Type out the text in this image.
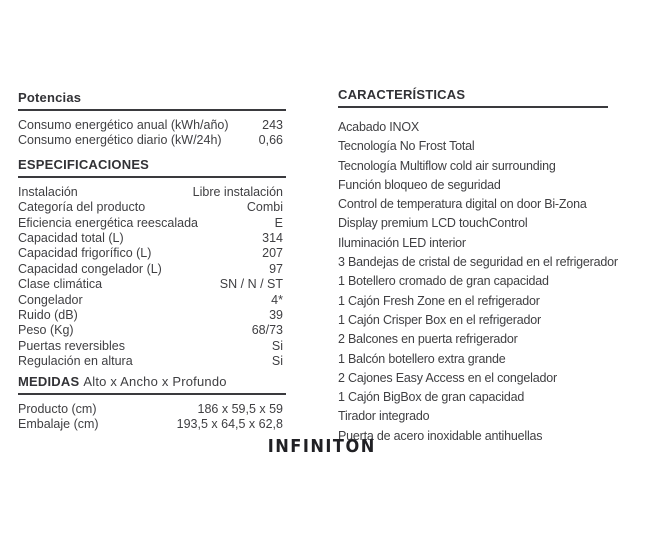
Potencias
Consumo energético anual (kWh/año)	243
Consumo energético diario (kW/24h)	0,66
ESPECIFICACIONES
Instalación	Libre instalación
Categoría del producto	Combi
Eficiencia energética reescalada	E
Capacidad total (L)	314
Capacidad frigorífico (L)	207
Capacidad congelador (L)	97
Clase climática	SN / N / ST
Congelador	4*
Ruido (dB)	39
Peso (Kg)	68/73
Puertas reversibles	Si
Regulación en altura	Si
MEDIDAS Alto x Ancho x Profundo
Producto (cm)	186 x 59,5 x 59
Embalaje (cm)	193,5 x 64,5 x 62,8
CARACTERÍSTICAS
Acabado INOX
Tecnología No Frost Total
Tecnología Multiflow cold air surrounding
Función bloqueo de seguridad
Control de temperatura digital on door Bi-Zona
Display premium LCD touchControl
Iluminación LED interior
3 Bandejas de cristal de seguridad en el refrigerador
1 Botellero cromado de gran capacidad
1 Cajón Fresh Zone en el refrigerador
1 Cajón Crisper Box en el refrigerador
2 Balcones en puerta refrigerador
1 Balcón botellero extra grande
2 Cajones Easy Access en el congelador
1 Cajón BigBox de gran capacidad
Tirador integrado
Puerta de acero inoxidable antihuellas
INFINITON
